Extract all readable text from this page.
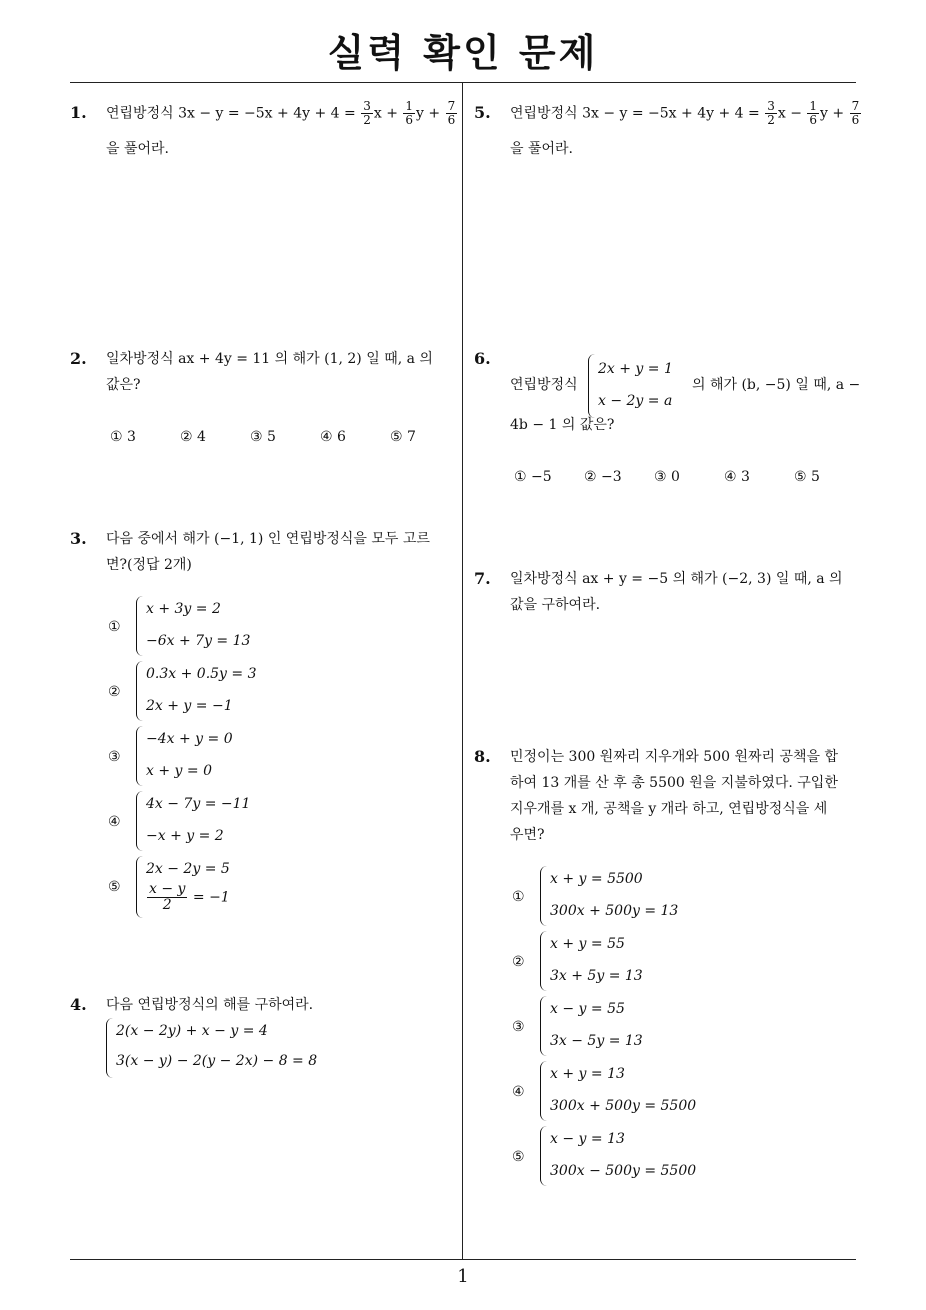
실력 확인 문제
1
1. 연립방정식 $3x - y = -5x + 4y + 4 = \frac{3}{2}$ $x + \frac{1}{6}$ $y + \frac{7}{6}$
을 풀어라.
2. 일차방정식 ax + 4y = 11 의 해가 (1, 2) 일 때, a 의
값은?
① 3	② 4	③ 5	④ 6	⑤ 7
3. 다음 중에서 해가 (−1, 1) 인 연립방정식을 모두 고르
면?(정답 2개)
①
x + 3y = 2
−6x + 7y = 13
②
0.3x + 0.5y = 3
2x + y = −1
③
−4x + y = 0
x + y = 0
④
4x − 7y = −11
−x + y = 2
⑤
2x − 2y = 5
$\frac{x - y}{2} = -1$
4. 다음 연립방정식의 해를 구하여라.
2(x − 2y) + x − y = 4
3(x − y) − 2(y − 2x) − 8 = 8
5. 연립방정식 $3x - y = -5x + 4y + 4 = \frac{3}{2}$ $x - \frac{1}{6}$ $y + \frac{7}{6}$
을 풀어라.
6.
연립방정식
2x + y = 1
x − 2y = a
의 해가 (b, −5) 일 때, a −
4b − 1 의 값은?
① −5 ② −3 ③ 0	④ 3	⑤ 5
7. 일차방정식 ax + y = −5 의 해가 (−2, 3) 일 때, a 의
값을 구하여라.
8. 민정이는 300 원짜리 지우개와 500 원짜리 공책을 합
하여 13 개를 산 후 총 5500 원을 지불하였다. 구입한
지우개를 x 개, 공책을 y 개라 하고, 연립방정식을 세
우면?
①
x + y = 5500
300x + 500y = 13
②
x + y = 55
3x + 5y = 13
③
x − y = 55
3x − 5y = 13
④
x + y = 13
300x + 500y = 5500
⑤
x − y = 13
300x − 500y = 5500
